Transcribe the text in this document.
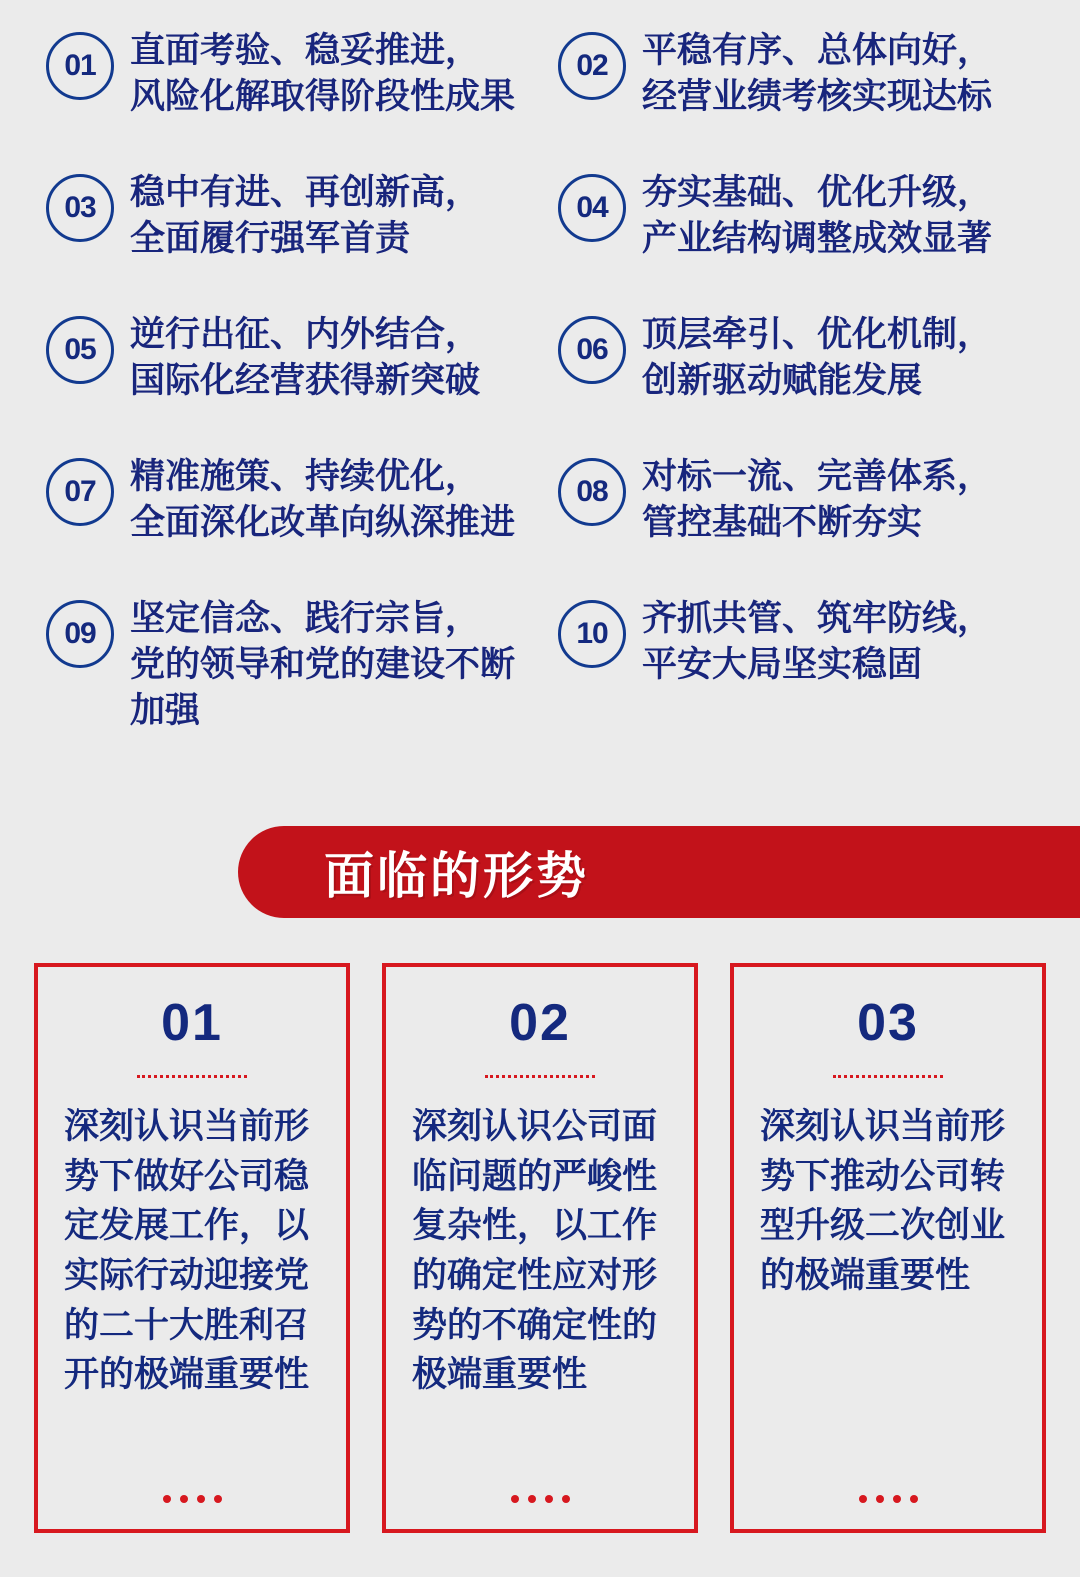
01 直面考验、稳妥推进，
风险化解取得阶段性成果
02 平稳有序、总体向好，
经营业绩考核实现达标
03 稳中有进、再创新高，
全面履行强军首责
04 夯实基础、优化升级，
产业结构调整成效显著
05 逆行出征、内外结合，
国际化经营获得新突破
06 顶层牵引、优化机制，
创新驱动赋能发展
07 精准施策、持续优化，
全面深化改革向纵深推进
08 对标一流、完善体系，
管控基础不断夯实
09 坚定信念、践行宗旨，
党的领导和党的建设不断加强
10 齐抓共管、筑牢防线，
平安大局坚实稳固
面临的形势
01
深刻认识当前形势下做好公司稳定发展工作，以实际行动迎接党的二十大胜利召开的极端重要性
02
深刻认识公司面临问题的严峻性复杂性，以工作的确定性应对形势的不确定性的极端重要性
03
深刻认识当前形势下推动公司转型升级二次创业的极端重要性
